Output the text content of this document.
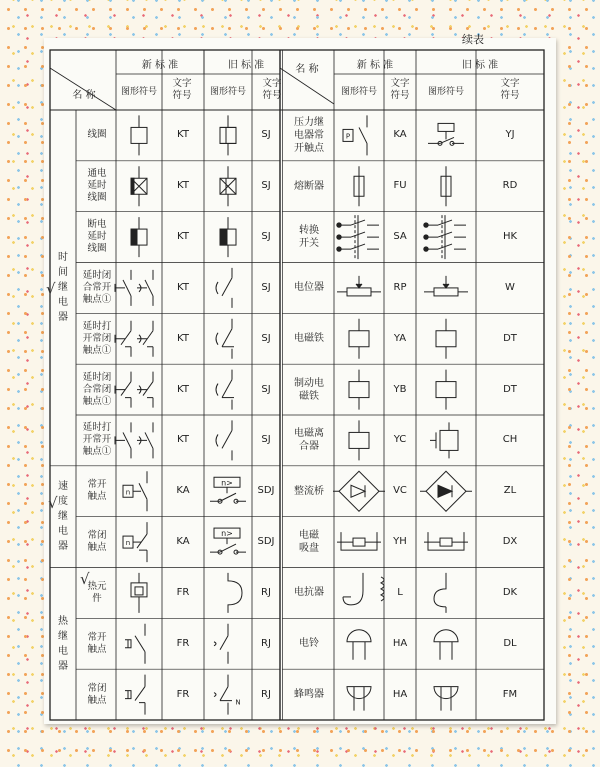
n
n>
n
n>
N
P
续表
新 标 准	旧 标 准
名 称	图形符号	图形符号
文字
符号
文字
符号
名 称	新 标 准	旧 标 准
图形符号	图形符号
文字
符号
文字
符号
时间继电器
速度继电器
热继电器
线圈	KT	SJ
通电
延时
线圈
KT	SJ
断电
延时
线圈
KT	SJ
延时闭
合常开
触点①
KT	SJ
延时打
开常闭
触点①
KT	SJ
延时闭
合常闭
触点①
KT	SJ
延时打
开常开
触点①
KT	SJ
常开
触点
KA	SDJ
常闭
触点
KA	SDJ
热元
件
FR	RJ
常开
触点
FR	RJ
常闭
触点
FR	RJ
压力继
电器常
开触点
KA	YJ
熔断器	FU	RD
转换
开关
SA	HK
电位器	RP	W
电磁铁	YA	DT
制动电
磁铁
YB	DT
电磁离
合器
YC	CH
整流桥	VC	ZL
电磁
吸盘
YH	DX
电抗器	L	DK
电铃	HA	DL
蜂鸣器	HA	FM
√
√
√
